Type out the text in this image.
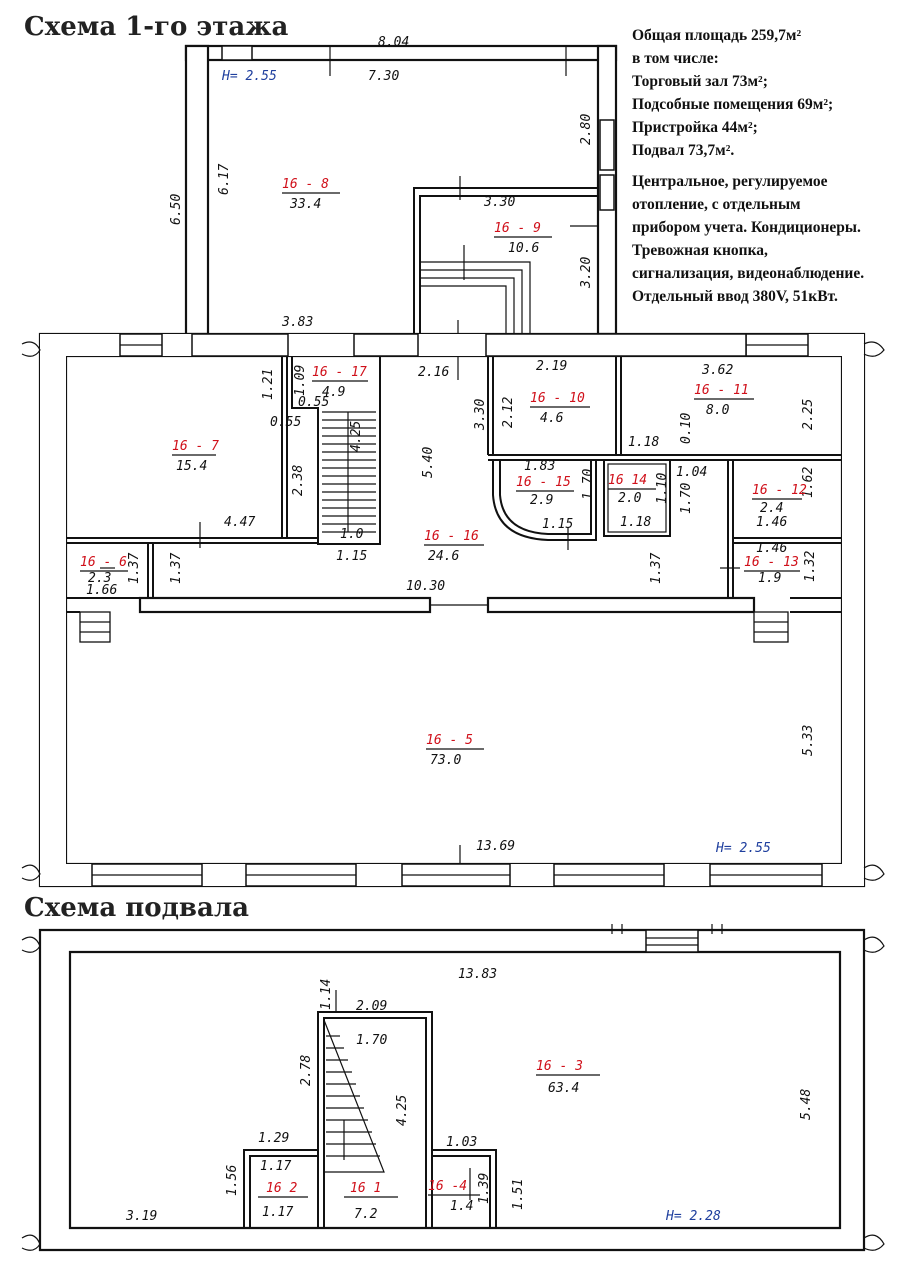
Схема 1-го этажа
Схема подвала
Общая площадь 259,7м²
в том числе:
Торговый зал 73м²;
Подсобные помещения 69м²;
Пристройка 44м²;
Подвал 73,7м².
Центральное, регулируемое
отопление, с отдельным
прибором учета. Кондиционеры.
Тревожная кнопка,
сигнализация, видеонаблюдение.
Отдельный ввод 380V, 51кВт.
H= 2.55
8.04
7.30
2.80
6.50
6.17
3.30
3.20
3.83
2.16
5.40
3.30 2.12
2.19	3.62
2.25
1.21 1.09
0.55
0.55	4.25
2.38
4.47
1.0
1.15
1.83
1.70
1.15
1.18
1.10
1.18
0.10
1.04
1.70
1.62
1.46
1.46
1.32
1.37 1.37	1.37
1.66	10.30
5.33
13.69	H= 2.55
16 - 8
33.4
16 - 9
10.6
16 - 17
4.9	16 - 10
4.6
16 - 11
8.0
16 - 7
15.4
16 - 15
2.9
16 14
2.0
16 - 12
2.4
16 - 13
1.9
16 - 16
24.6
16 - 6
2.3
16 - 5
73.0
13.83
1.14 2.09
1.70
2.78
4.25	5.48
1.29
1.17
1.03
1.56	1.39 1.51
3.19	1.17	1.4
H= 2.28
16 - 3
63.4
16 2	16 1
7.2
16 -4
